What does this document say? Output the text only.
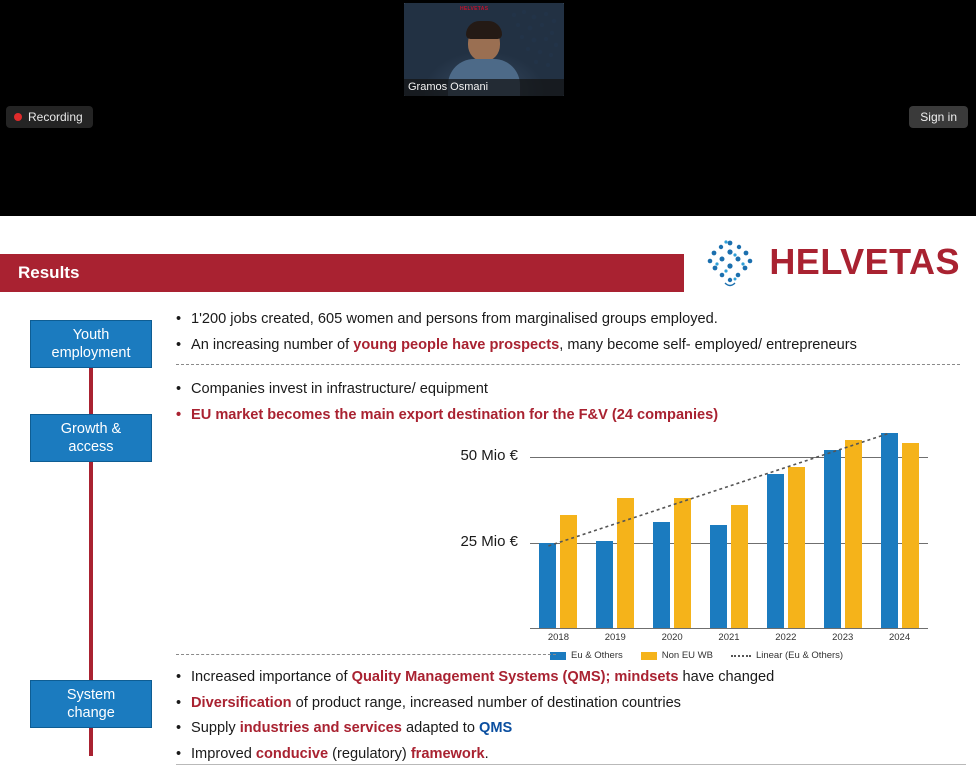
HELVETAS
Gramos Osmani
Recording	Sign in
Results	HELVETAS
Youth
employment
Growth &
access
System
change
• 1'200 jobs created, 605 women and persons from marginalised groups employed.
• An increasing number of young people have prospects, many become self- employed/ entrepreneurs
• Companies invest in infrastructure/ equipment
• EU market becomes the main export destination for the F&V (24 companies)
50 Mio €
25 Mio €
2018	2019	2020	2021	2022	2023	2024
Eu & Others	Non EU WB	Linear (Eu & Others)
• Increased importance of Quality Management Systems (QMS); mindsets have changed
• Diversification of product range, increased number of destination countries
• Supply industries and services adapted to QMS
• Improved conducive (regulatory) framework.
